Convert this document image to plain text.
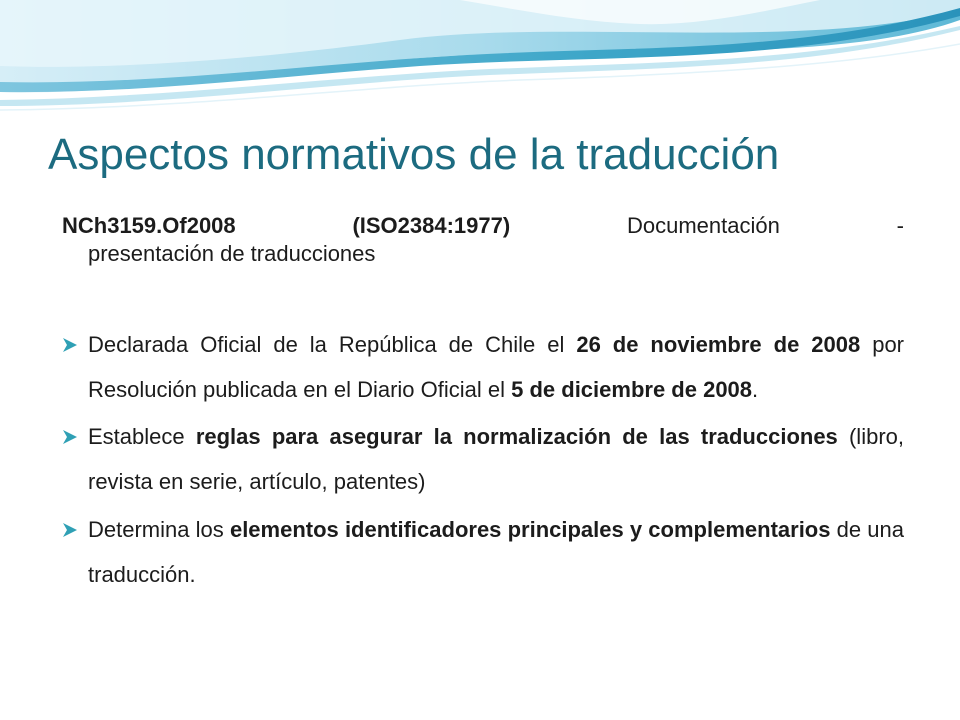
Aspectos normativos de la traducción
NCh3159.Of2008	(ISO2384:1977)	Documentación	-
presentación de traducciones
Declarada Oficial de la República de Chile el 26 de noviembre de 2008 por Resolución publicada en el Diario Oficial el 5 de diciembre de 2008.
Establece reglas para asegurar la normalización de las traducciones (libro, revista en serie, artículo, patentes)
Determina los elementos identificadores principales y complementarios de una traducción.
